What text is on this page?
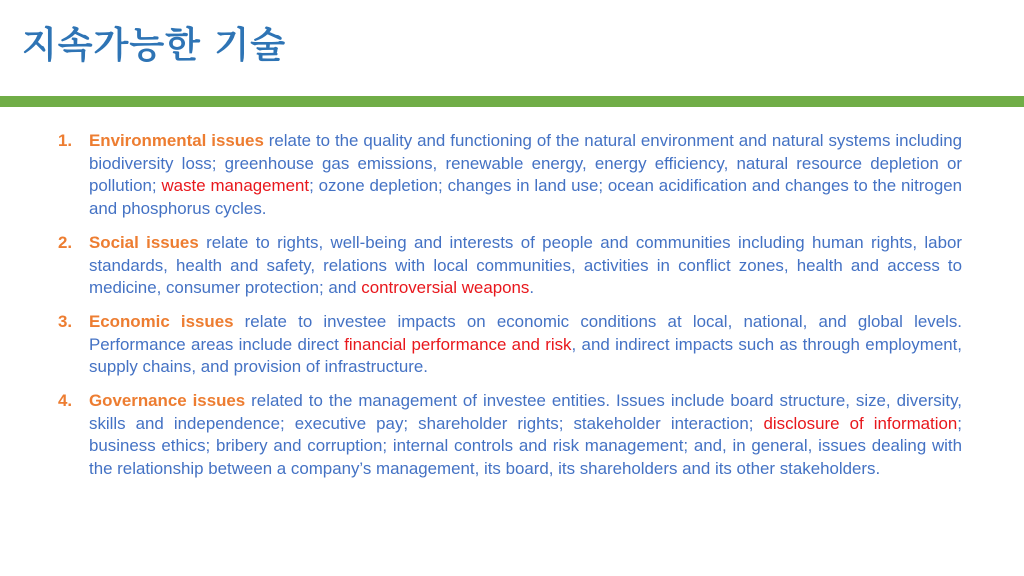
지속가능한 기술
1. Environmental issues relate to the quality and functioning of the natural environment and natural systems including biodiversity loss; greenhouse gas emissions, renewable energy, energy efficiency, natural resource depletion or pollution; waste management; ozone depletion; changes in land use; ocean acidification and changes to the nitrogen and phosphorus cycles.
2. Social issues relate to rights, well-being and interests of people and communities including human rights, labor standards, health and safety, relations with local communities, activities in conflict zones, health and access to medicine, consumer protection; and controversial weapons.
3. Economic issues relate to investee impacts on economic conditions at local, national, and global levels. Performance areas include direct financial performance and risk, and indirect impacts such as through employment, supply chains, and provision of infrastructure.
4. Governance issues related to the management of investee entities. Issues include board structure, size, diversity, skills and independence; executive pay; shareholder rights; stakeholder interaction; disclosure of information; business ethics; bribery and corruption; internal controls and risk management; and, in general, issues dealing with the relationship between a company’s management, its board, its shareholders and its other stakeholders.
